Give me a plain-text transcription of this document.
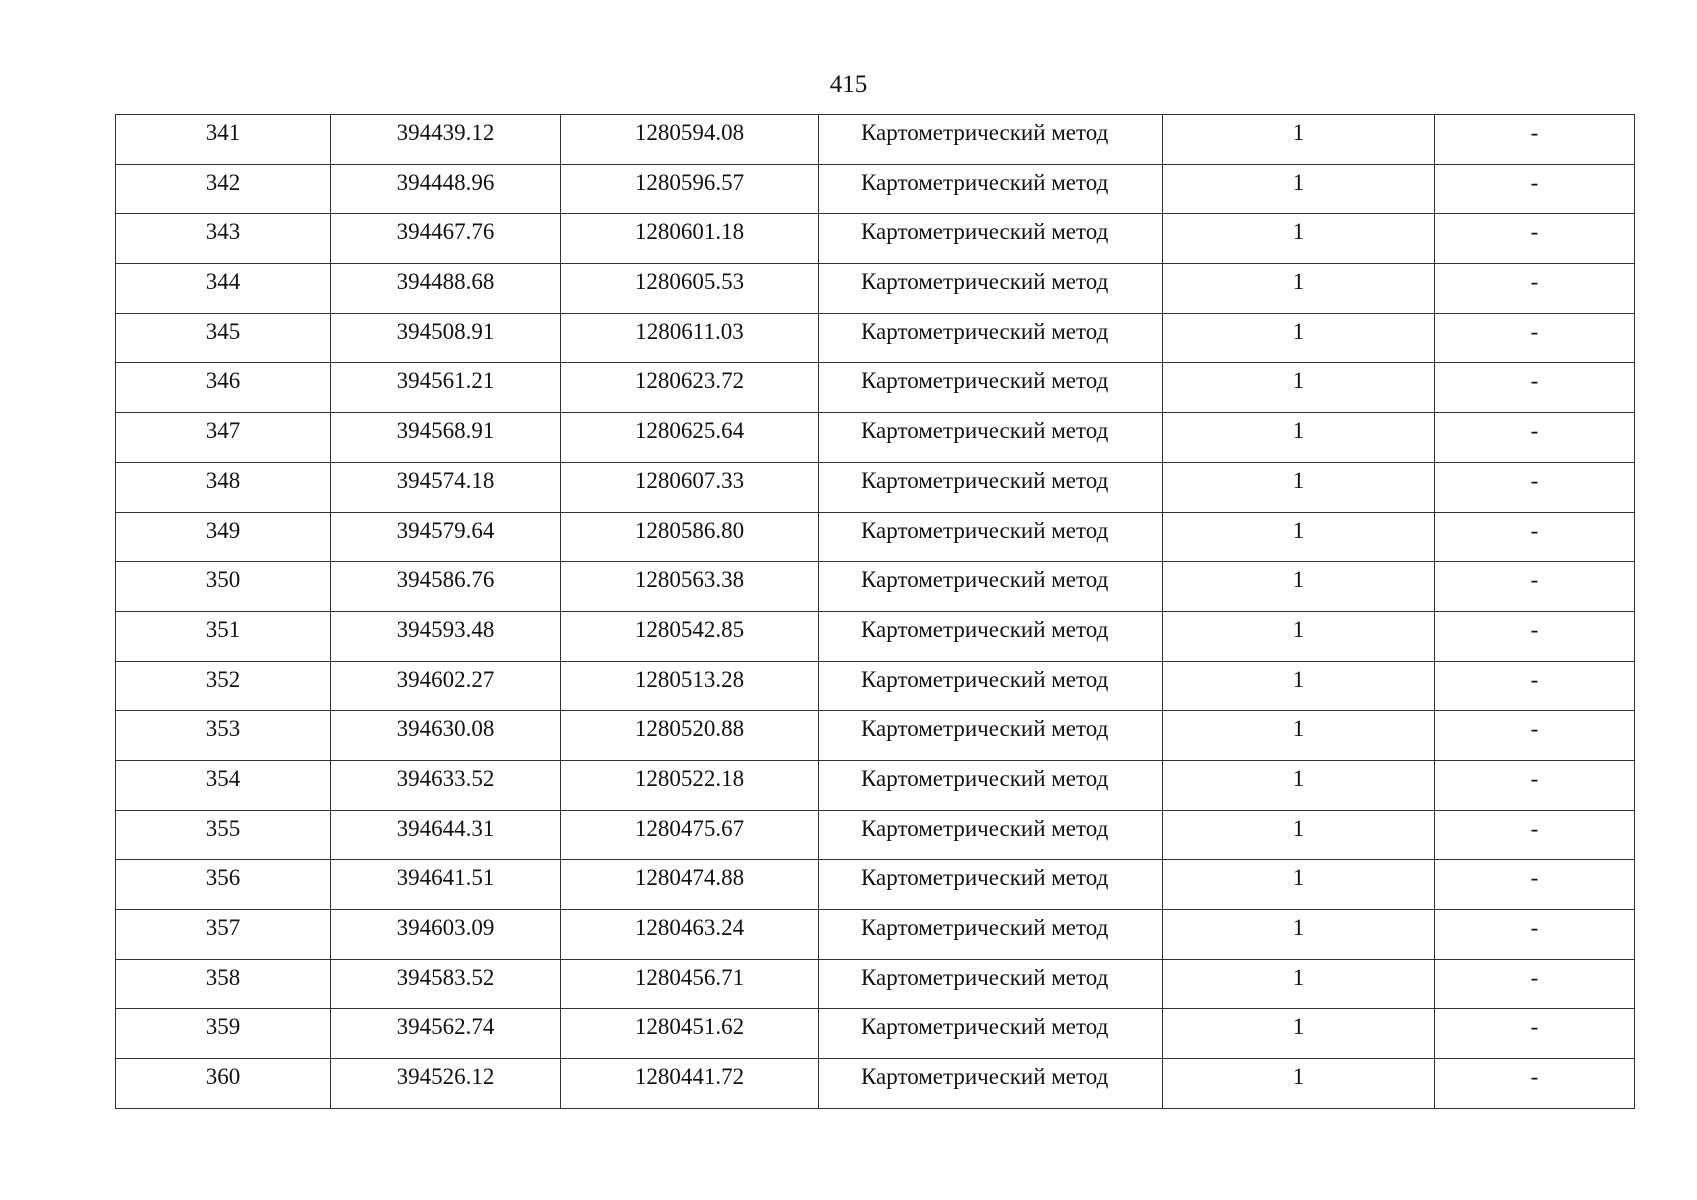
415
341	394439.12	1280594.08	Картометрический метод	1	-
342	394448.96	1280596.57	Картометрический метод	1	-
343	394467.76	1280601.18	Картометрический метод	1	-
344	394488.68	1280605.53	Картометрический метод	1	-
345	394508.91	1280611.03	Картометрический метод	1	-
346	394561.21	1280623.72	Картометрический метод	1	-
347	394568.91	1280625.64	Картометрический метод	1	-
348	394574.18	1280607.33	Картометрический метод	1	-
349	394579.64	1280586.80	Картометрический метод	1	-
350	394586.76	1280563.38	Картометрический метод	1	-
351	394593.48	1280542.85	Картометрический метод	1	-
352	394602.27	1280513.28	Картометрический метод	1	-
353	394630.08	1280520.88	Картометрический метод	1	-
354	394633.52	1280522.18	Картометрический метод	1	-
355	394644.31	1280475.67	Картометрический метод	1	-
356	394641.51	1280474.88	Картометрический метод	1	-
357	394603.09	1280463.24	Картометрический метод	1	-
358	394583.52	1280456.71	Картометрический метод	1	-
359	394562.74	1280451.62	Картометрический метод	1	-
360	394526.12	1280441.72	Картометрический метод	1	-
